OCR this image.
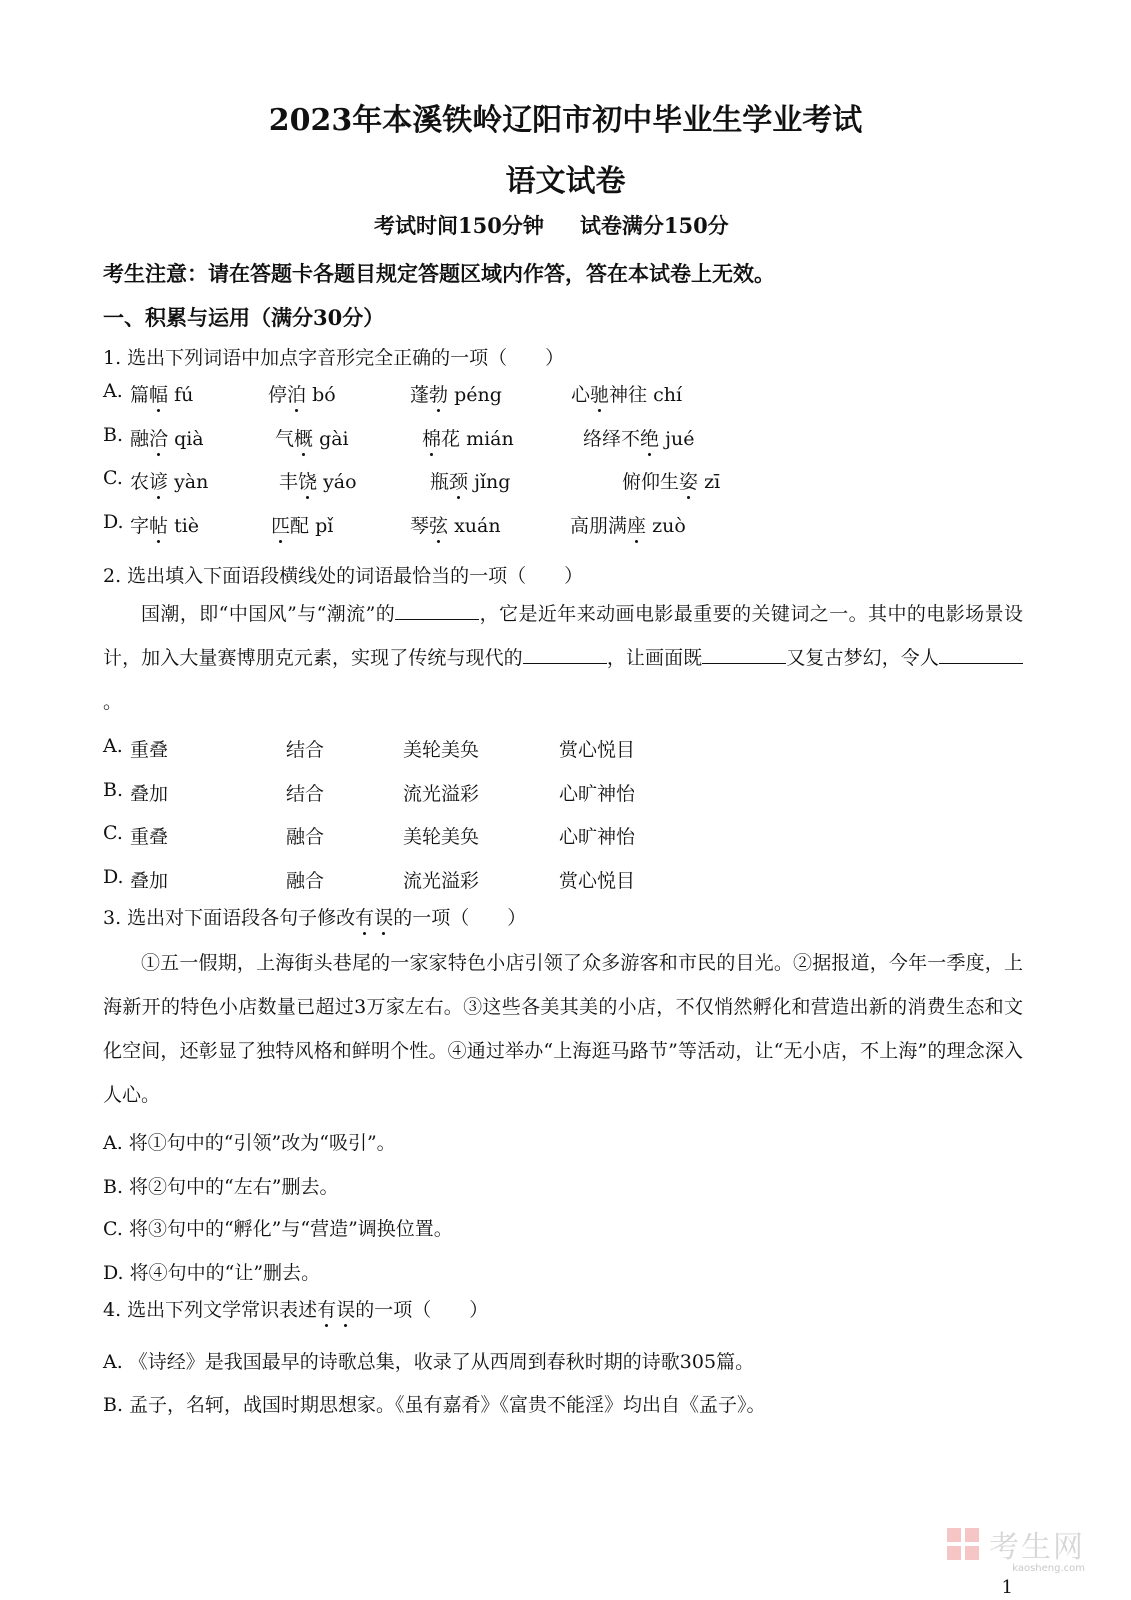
2023年本溪铁岭辽阳市初中毕业生学业考试
语文试卷
考试时间150分钟 试卷满分150分
考生注意：请在答题卡各题目规定答题区域内作答，答在本试卷上无效。
一、积累与运用（满分30分）
1. 选出下列词语中加点字音形完全正确的一项（　　）
A. 篇幅 fú	停泊 bó	蓬勃 péng	心驰神往 chí
B. 融洽 qià	气概 gài	棉花 mián	络绎不绝 jué
C. 农谚 yàn	丰饶 yáo	瓶颈 jǐng	俯仰生姿 zī
D. 字帖 tiè	匹配 pǐ	琴弦 xuán	高朋满座 zuò
2. 选出填入下面语段横线处的词语最恰当的一项（　　）

国潮，即“中国风”与“潮流”的	，它是近年来动画电影最重要的关键词之一。其中的电影场景设计，加入大量赛博朋克元素，实现了传统与现代的	，让画面既	又复古梦幻，令人。

A. 重叠	结合	美轮美奂	赏心悦目
B. 叠加	结合	流光溢彩	心旷神怡
C. 重叠	融合	美轮美奂	心旷神怡
D. 叠加	融合	流光溢彩	赏心悦目
3. 选出对下面语段各句子修改有误的一项（　　）

①五一假期，上海街头巷尾的一家家特色小店引领了众多游客和市民的目光。②据报道，今年一季度，上海新开的特色小店数量已超过3万家左右。③这些各美其美的小店，不仅悄然孵化和营造出新的消费生态和文化空间，还彰显了独特风格和鲜明个性。④通过举办“上海逛马路节”等活动，让“无小店，不上海”的理念深入人心。

A. 将①句中的“引领”改为“吸引”。
B. 将②句中的“左右”删去。
C. 将③句中的“孵化”与“营造”调换位置。
D. 将④句中的“让”删去。
4. 选出下列文学常识表述有误的一项（　　）
A. 《诗经》是我国最早的诗歌总集，收录了从西周到春秋时期的诗歌305篇。
B. 孟子，名轲，战国时期思想家。《虽有嘉肴》《富贵不能淫》均出自《孟子》。
考生网
kaosheng.com
1
